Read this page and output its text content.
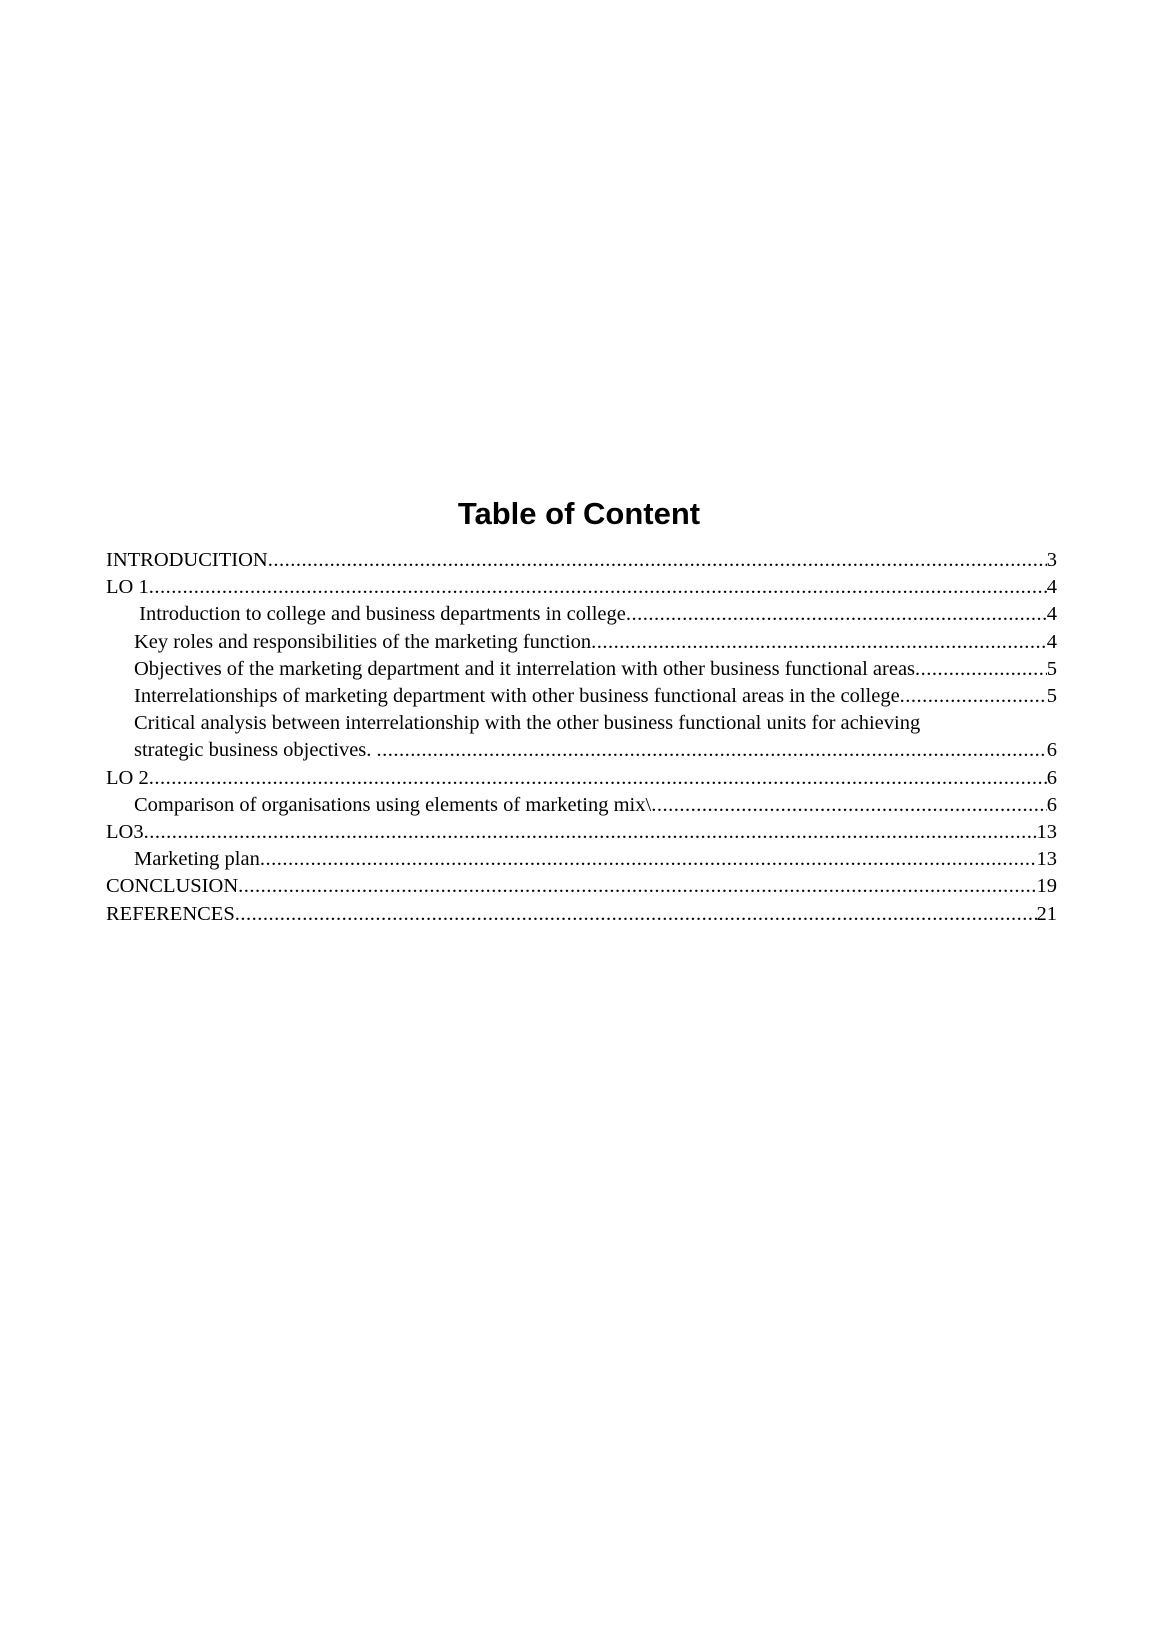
Table of Content
INTRODUCITION .....	3
LO 1 .....	4
Introduction to college and business departments in college .....	4
Key roles and responsibilities of the marketing function .....	4
Objectives of the marketing department and it interrelation with other business functional areas .....	5
Interrelationships of marketing department with other business functional areas in the college .....	5
Critical analysis between interrelationship with the other business functional units for achieving
strategic business objectives. .....	6
LO 2 .....	6
Comparison of organisations using elements of marketing mix\ .....	6
LO3 .....	13
Marketing plan .....	13
CONCLUSION .....	19
REFERENCES .....	21
